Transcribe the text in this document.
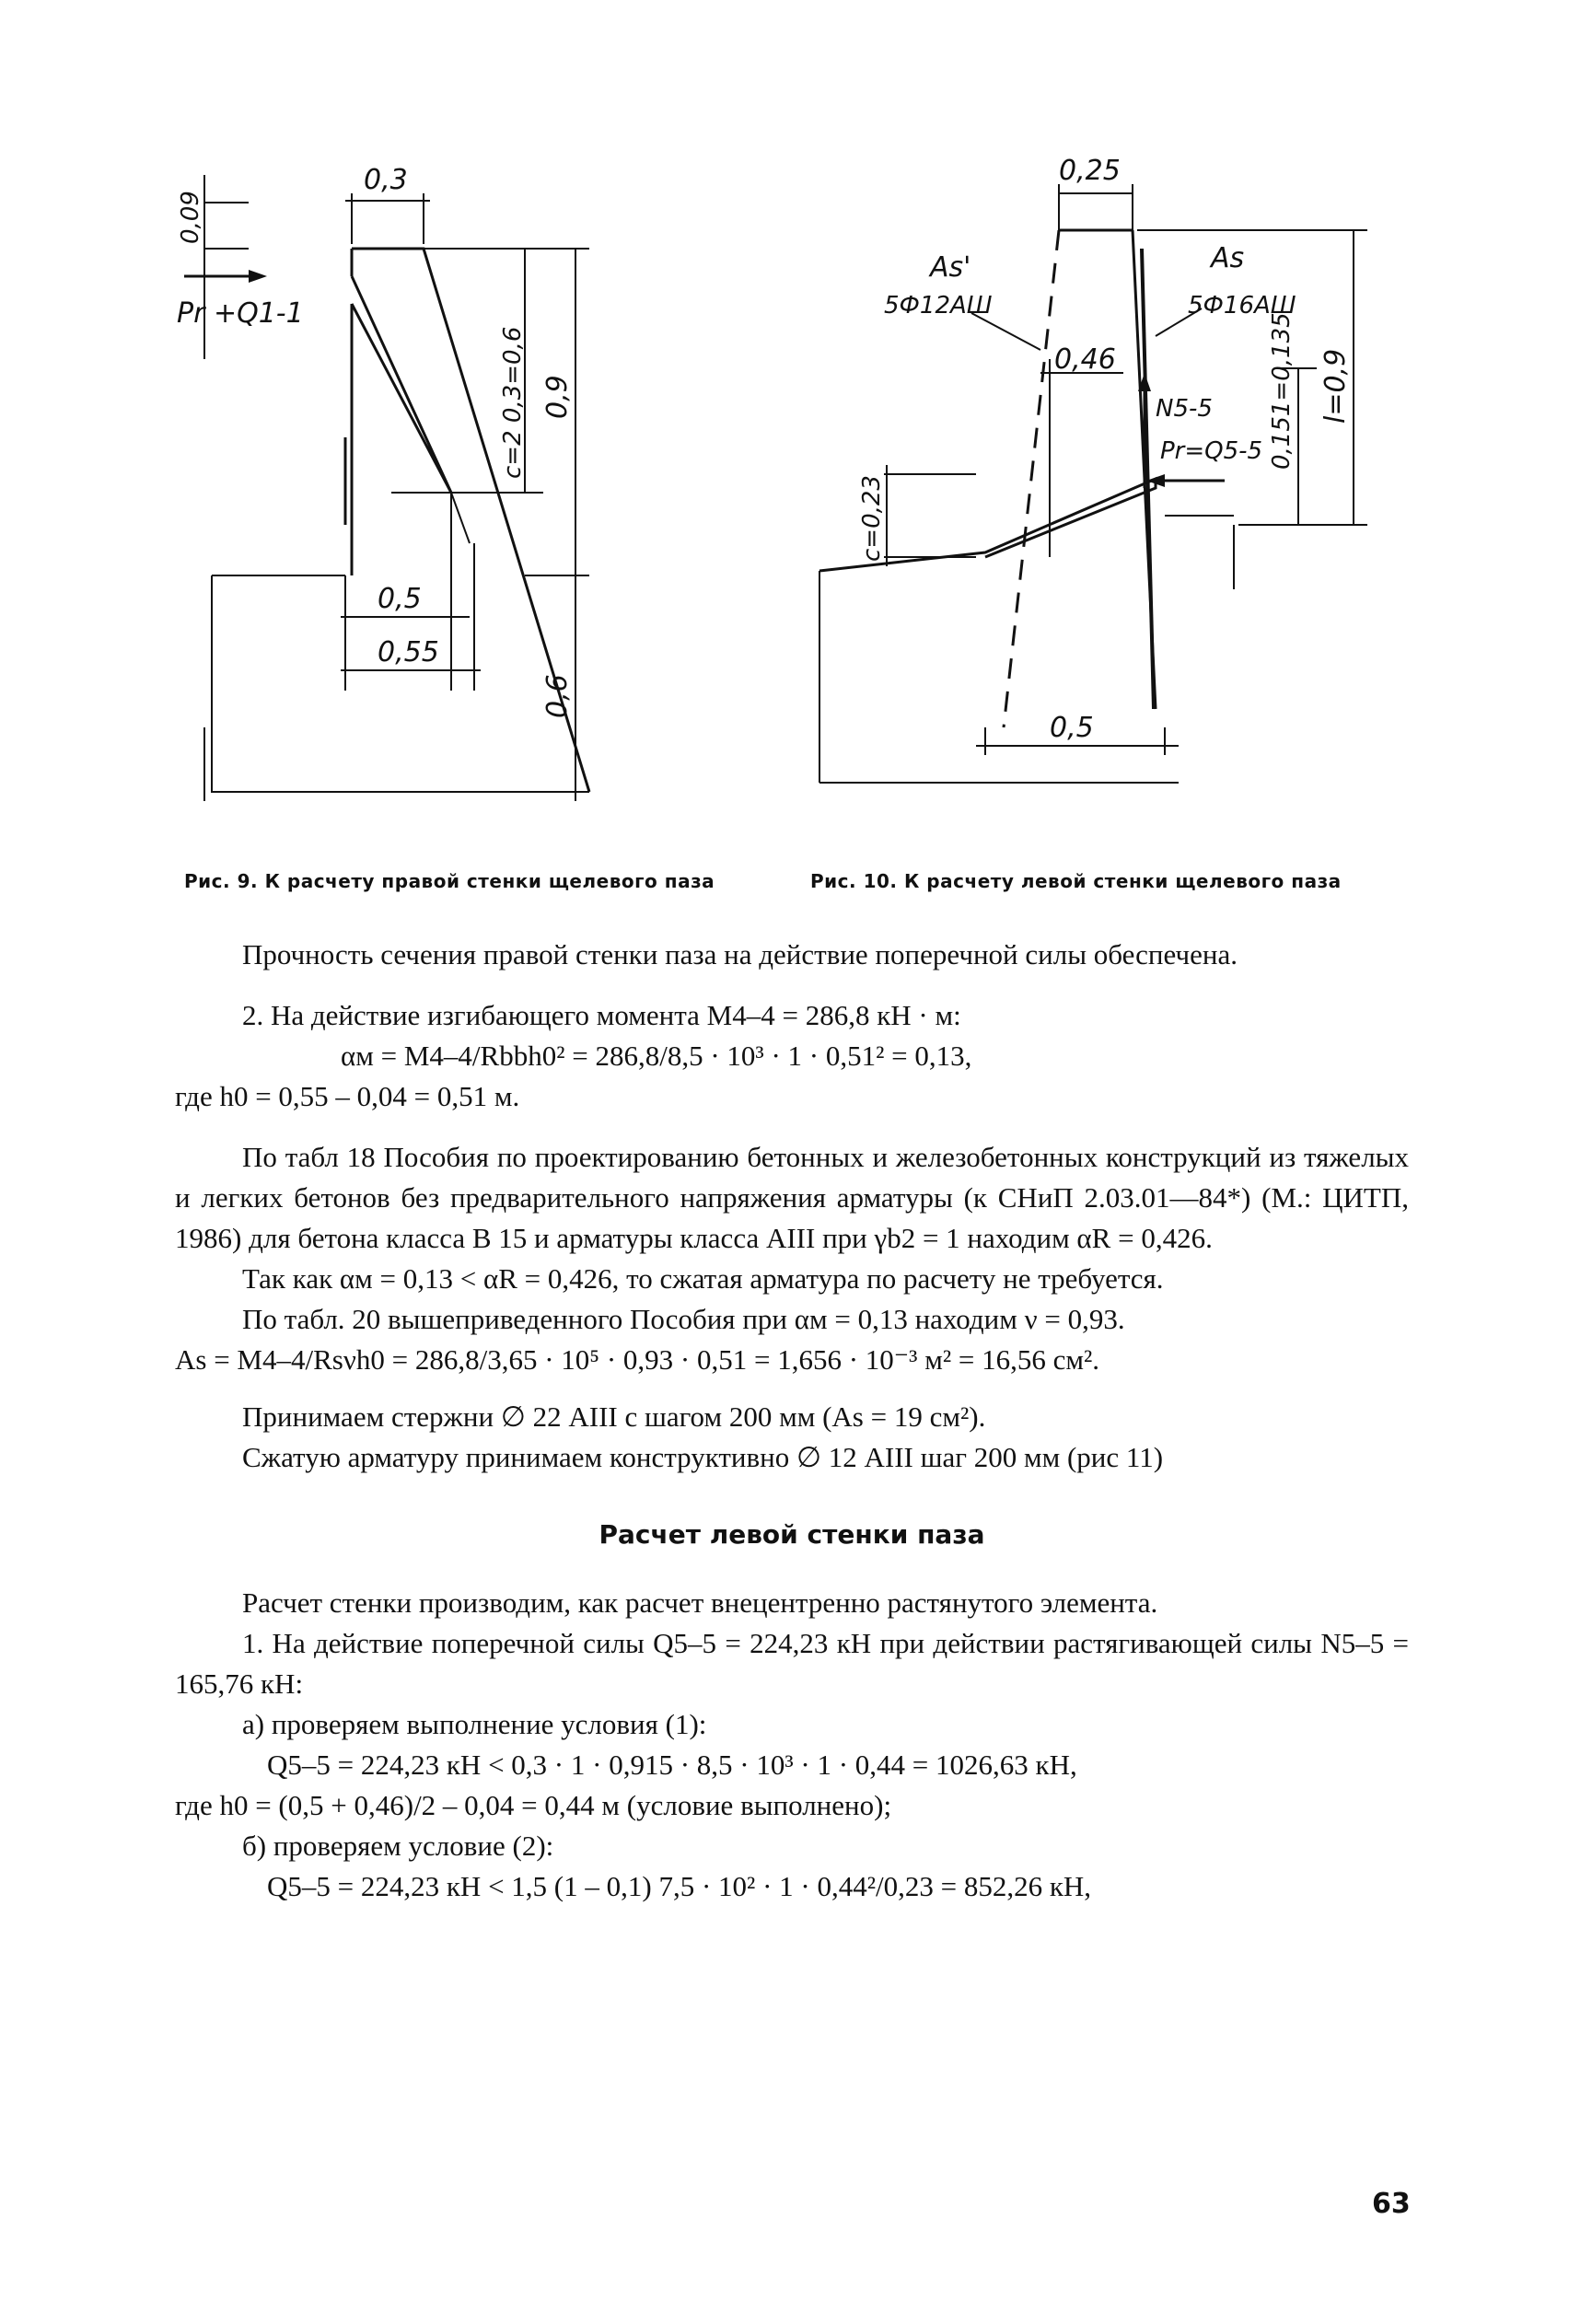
0,3
0,09
Pr +Q1-1
c=2 0,3=0,6 0,9
0,6
0,5
0,55
0,25
As'
5Ф12АШ
As
5Ф16АШ
0,46
N5-5
Pr=Q5-5 0,151=0,135 l=0,9
c=0,23
0,5
Рис. 9. К расчету правой стенки щелевого паза	Рис. 10. К расчету левой стенки щелевого паза

Прочность сечения правой стенки паза на действие поперечной силы обеспечена.

2. На действие изгибающего момента M4–4 = 286,8 кН · м:

αм = M4–4/Rbbh0² = 286,8/8,5 · 10³ · 1 · 0,51² = 0,13,

где h0 = 0,55 – 0,04 = 0,51 м.

По табл 18 Пособия по проектированию бетонных и железобетонных конструкций из тяжелых и легких бетонов без предварительного напряжения арматуры (к СНиП 2.03.01—84*) (М.: ЦИТП, 1986) для бетона класса В 15 и арматуры класса АIII при γb2 = 1 находим αR = 0,426.

Так как αм = 0,13 < αR = 0,426, то сжатая арматура по расчету не требуется.

По табл. 20 вышеприведенного Пособия при αм = 0,13 находим ν = 0,93.

As = M4–4/Rsνh0 = 286,8/3,65 · 10⁵ · 0,93 · 0,51 = 1,656 · 10⁻³ м² = 16,56 см².

Принимаем стержни ∅ 22 АIII с шагом 200 мм (As = 19 см²).

Сжатую арматуру принимаем конструктивно ∅ 12 АIII шаг 200 мм (рис 11)

Расчет левой стенки паза

Расчет стенки производим, как расчет внецентренно растянутого элемента.

1. На действие поперечной силы Q5–5 = 224,23 кН при действии растягивающей силы N5–5 = 165,76 кН:

а) проверяем выполнение условия (1):

Q5–5 = 224,23 кН < 0,3 · 1 · 0,915 · 8,5 · 10³ · 1 · 0,44 = 1026,63 кН,

где h0 = (0,5 + 0,46)/2 – 0,04 = 0,44 м (условие выполнено);

б) проверяем условие (2):

Q5–5 = 224,23 кН < 1,5 (1 – 0,1) 7,5 · 10² · 1 · 0,44²/0,23 = 852,26 кН,

63
